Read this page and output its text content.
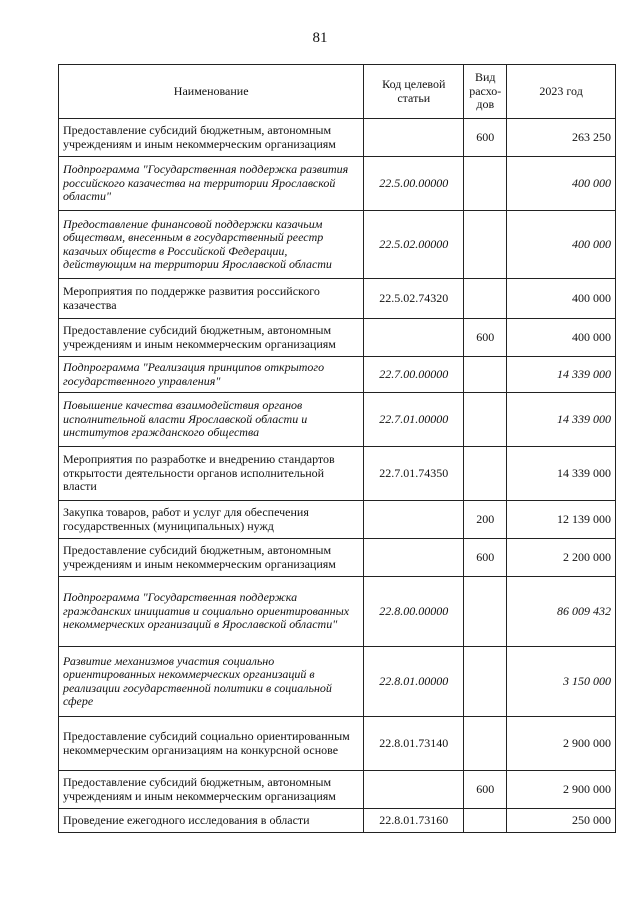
81
Наименование	Код целевой статьи	Вид расхо-дов	2023 год
Предоставление субсидий бюджетным, автономным учреждениям и иным некоммерческим организациям		600	263 250
Подпрограмма "Государственная поддержка развития российского казачества на территории Ярославской области"	22.5.00.00000		400 000
Предоставление финансовой поддержки казачьим обществам, внесенным в государственный реестр казачьих обществ в Российской Федерации, действующим на территории Ярославской области	22.5.02.00000		400 000
Мероприятия по поддержке развития российского казачества	22.5.02.74320		400 000
Предоставление субсидий бюджетным, автономным учреждениям и иным некоммерческим организациям		600	400 000
Подпрограмма "Реализация принципов открытого государственного управления"	22.7.00.00000		14 339 000
Повышение качества взаимодействия органов исполнительной власти Ярославской области и институтов гражданского общества	22.7.01.00000		14 339 000
Мероприятия по разработке и внедрению стандартов открытости деятельности органов исполнительной власти	22.7.01.74350		14 339 000
Закупка товаров, работ и услуг для обеспечения государственных (муниципальных) нужд		200	12 139 000
Предоставление субсидий бюджетным, автономным учреждениям и иным некоммерческим организациям		600	2 200 000
Подпрограмма "Государственная поддержка гражданских инициатив и социально ориентированных некоммерческих организаций в Ярославской области"	22.8.00.00000		86 009 432
Развитие механизмов участия социально ориентированных некоммерческих организаций в реализации государственной политики в социальной сфере	22.8.01.00000		3 150 000
Предоставление субсидий социально ориентированным некоммерческим организациям на конкурсной основе	22.8.01.73140		2 900 000
Предоставление субсидий бюджетным, автономным учреждениям и иным некоммерческим организациям		600	2 900 000
Проведение ежегодного исследования в области	22.8.01.73160		250 000
